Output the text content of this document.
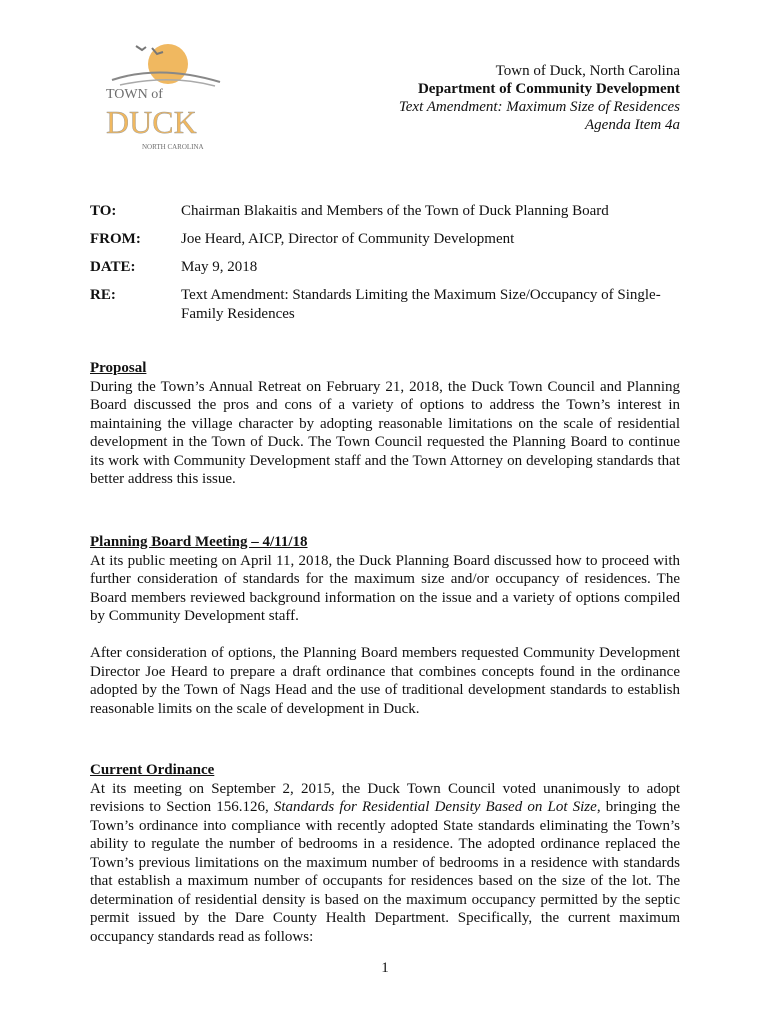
TOWN of
DUCK
NORTH CAROLINA
Town of Duck, North Carolina
Department of Community Development
Text Amendment: Maximum Size of Residences
Agenda Item 4a
TO:	Chairman Blakaitis and Members of the Town of Duck Planning Board
FROM:	Joe Heard, AICP, Director of Community Development
DATE:	May 9, 2018
RE:	Text Amendment: Standards Limiting the Maximum Size/Occupancy of Single-
Family Residences
Proposal
During the Town’s Annual Retreat on February 21, 2018, the Duck Town Council and Planning
Board discussed the pros and cons of a variety of options to address the Town’s interest in
maintaining the village character by adopting reasonable limitations on the scale of residential
development in the Town of Duck. The Town Council requested the Planning Board to continue
its work with Community Development staff and the Town Attorney on developing standards that
better address this issue.
Planning Board Meeting – 4/11/18
At its public meeting on April 11, 2018, the Duck Planning Board discussed how to proceed with
further consideration of standards for the maximum size and/or occupancy of residences. The
Board members reviewed background information on the issue and a variety of options compiled
by Community Development staff.
After consideration of options, the Planning Board members requested Community Development
Director Joe Heard to prepare a draft ordinance that combines concepts found in the ordinance
adopted by the Town of Nags Head and the use of traditional development standards to establish
reasonable limits on the scale of development in Duck.
Current Ordinance
At its meeting on September 2, 2015, the Duck Town Council voted unanimously to adopt
revisions to Section 156.126, Standards for Residential Density Based on Lot Size, bringing the
Town’s ordinance into compliance with recently adopted State standards eliminating the Town’s
ability to regulate the number of bedrooms in a residence. The adopted ordinance replaced the
Town’s previous limitations on the maximum number of bedrooms in a residence with standards
that establish a maximum number of occupants for residences based on the size of the lot. The
determination of residential density is based on the maximum occupancy permitted by the septic
permit issued by the Dare County Health Department. Specifically, the current maximum
occupancy standards read as follows:
1
